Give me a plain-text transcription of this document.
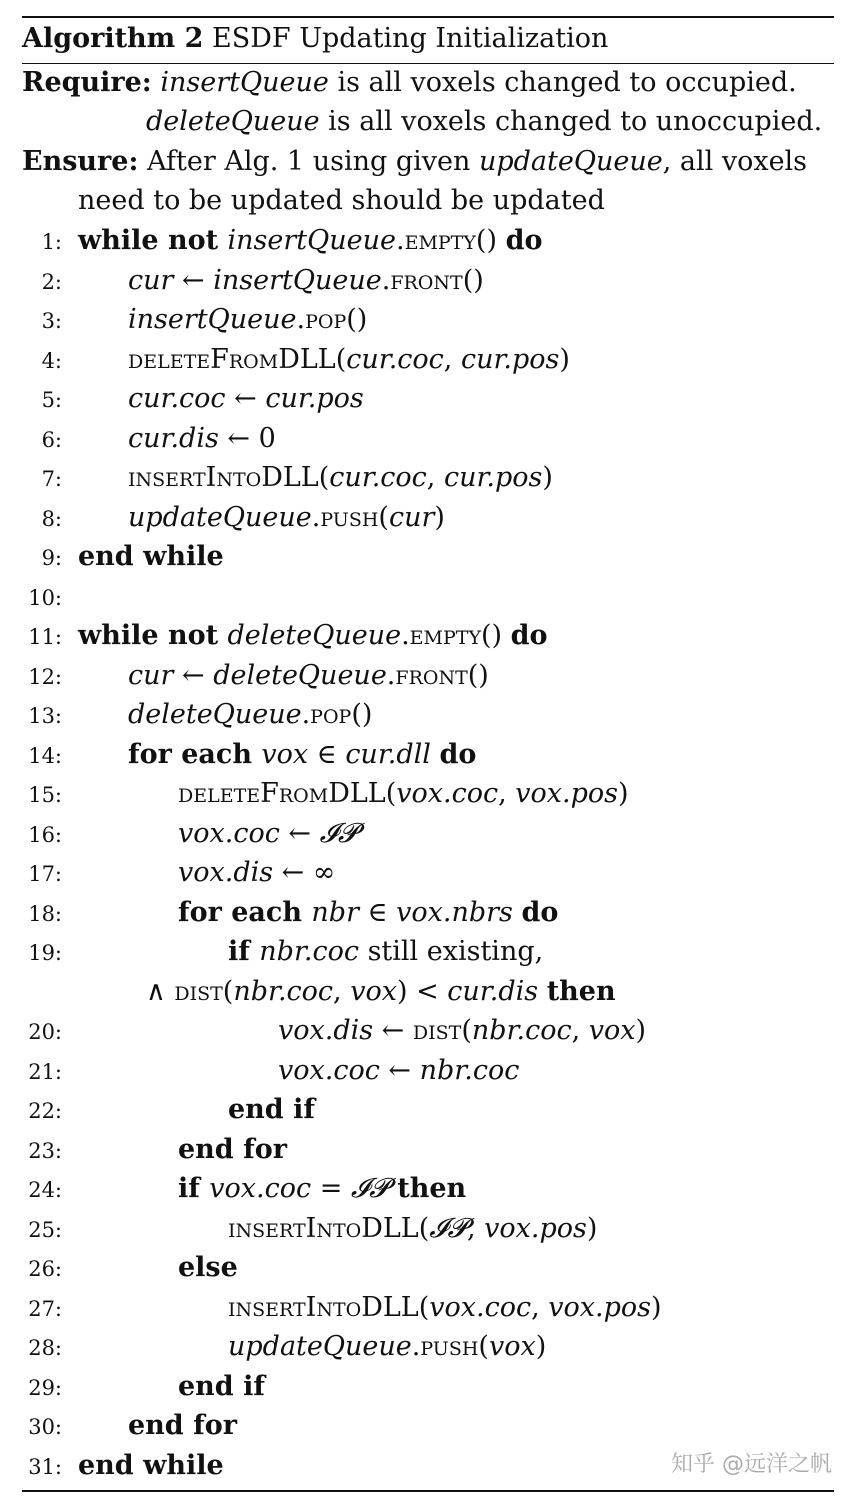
Algorithm 2 ESDF Updating Initialization
Require: insertQueue is all voxels changed to occupied.
deleteQueue is all voxels changed to unoccupied.
Ensure: After Alg. 1 using given updateQueue, all voxels
need to be updated should be updated
1: while not insertQueue.empty() do
2: cur ← insertQueue.front()
3: insertQueue.pop()
4: deleteFromDLL(cur.coc, cur.pos)
5: cur.coc ← cur.pos
6: cur.dis ← 0
7: insertIntoDLL(cur.coc, cur.pos)
8: updateQueue.push(cur)
9: end while
10:
11: while not deleteQueue.empty() do
12: cur ← deleteQueue.front()
13: deleteQueue.pop()
14: for each vox ∈ cur.dll do
15:	deleteFromDLL(vox.coc, vox.pos)
16:	vox.coc ← 𝓘𝓟
17:	vox.dis ← ∞
18:	for each nbr ∈ vox.nbrs do
19:	if nbr.coc still existing,
∧ dist(nbr.coc, vox) < cur.dis then
20:	vox.dis ← dist(nbr.coc, vox)
21:	vox.coc ← nbr.coc
22:	end if
23:	end for
24:	if vox.coc = 𝓘𝓟 then
25:	insertIntoDLL(𝓘𝓟, vox.pos)
26:	else
27:	insertIntoDLL(vox.coc, vox.pos)
28:	updateQueue.push(vox)
29:	end if
30: end for
31: end while	知乎 @远洋之帆
